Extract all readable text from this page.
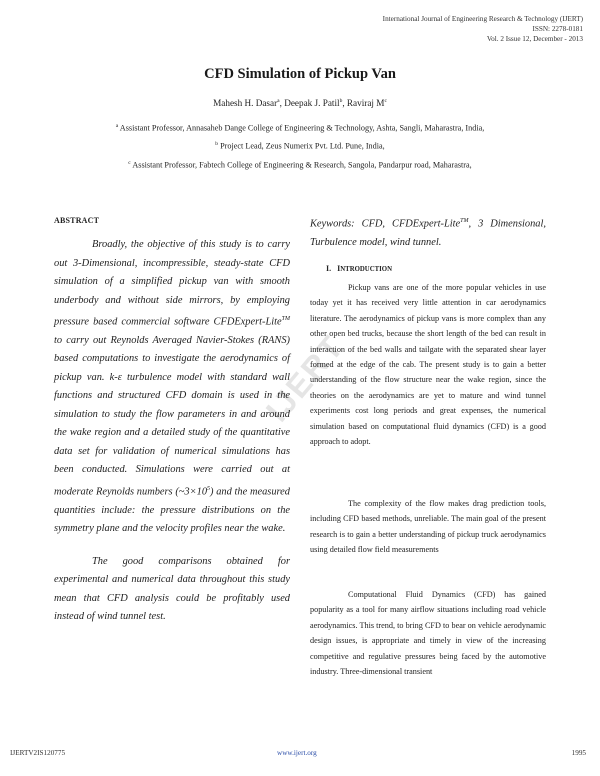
International Journal of Engineering Research & Technology (IJERT)
ISSN: 2278-0181
Vol. 2 Issue 12, December - 2013
CFD Simulation of Pickup Van
Mahesh H. Dasar$^a$, Deepak J. Patil$^b$, Raviraj $M^c$
$^a$ Assistant Professor, Annasaheb Dange College of Engineering & Technology, Ashta, Sangli, Maharastra, India,
$^b$ Project Lead, Zeus Numerix Pvt. Ltd. Pune, India,
$^c$ Assistant Professor, Fabtech College of Engineering & Research, Sangola, Pandarpur road, Maharastra,
ABSTRACT

Broadly, the objective of this study is to carry out 3-Dimensional, incompressible, steady-state CFD simulation of a simplified pickup van with smooth underbody and without side mirrors, by employing pressure based commercial software CFDExpert-Lite™ to carry out Reynolds Averaged Navier-Stokes (RANS) based computations to investigate the aerodynamics of pickup van. k-ε turbulence model with standard wall functions and structured CFD domain is used in the simulation to study the flow parameters in and around the wake region and a detailed study of the quantitative data set for validation of numerical simulations has been conducted. Simulations were carried out at moderate Reynolds numbers $(\sim 3\times 10^5)$ and the measured quantities include: the pressure distributions on the symmetry plane and the velocity profiles near the wake.

The good comparisons obtained for experimental and numerical data throughout this study mean that CFD analysis could be profitably used instead of wind tunnel test.

Keywords: CFD, CFDExpert-Lite™, 3 Dimensional, Turbulence model, wind tunnel.
I. INTRODUCTION

Pickup vans are one of the more popular vehicles in use today yet it has received very little attention in car aerodynamics literature. The aerodynamics of pickup vans is more complex than any other open bed trucks, because the short length of the bed can result in interaction of the bed walls and tailgate with the separated shear layer formed at the edge of the cab. The present study is to gain a better understanding of the flow structure near the wake region, since the theories on the aerodynamics are yet to mature and wind tunnel experiments cost long periods and great expenses, the numerical simulation based on computational fluid dynamics (CFD) is a good approach to adopt.

The complexity of the flow makes drag prediction tools, including CFD based methods, unreliable. The main goal of the present research is to gain a better understanding of pickup truck aerodynamics using detailed flow field measurements

Computational Fluid Dynamics (CFD) has gained popularity as a tool for many airflow situations including road vehicle aerodynamics. This trend, to bring CFD to bear on vehicle aerodynamic design issues, is appropriate and timely in view of the increasing competitive and regulative pressures being faced by the automotive industry. Three-dimensional transient

IJERT
IJERTV2IS120775	www.ijert.org	1995
